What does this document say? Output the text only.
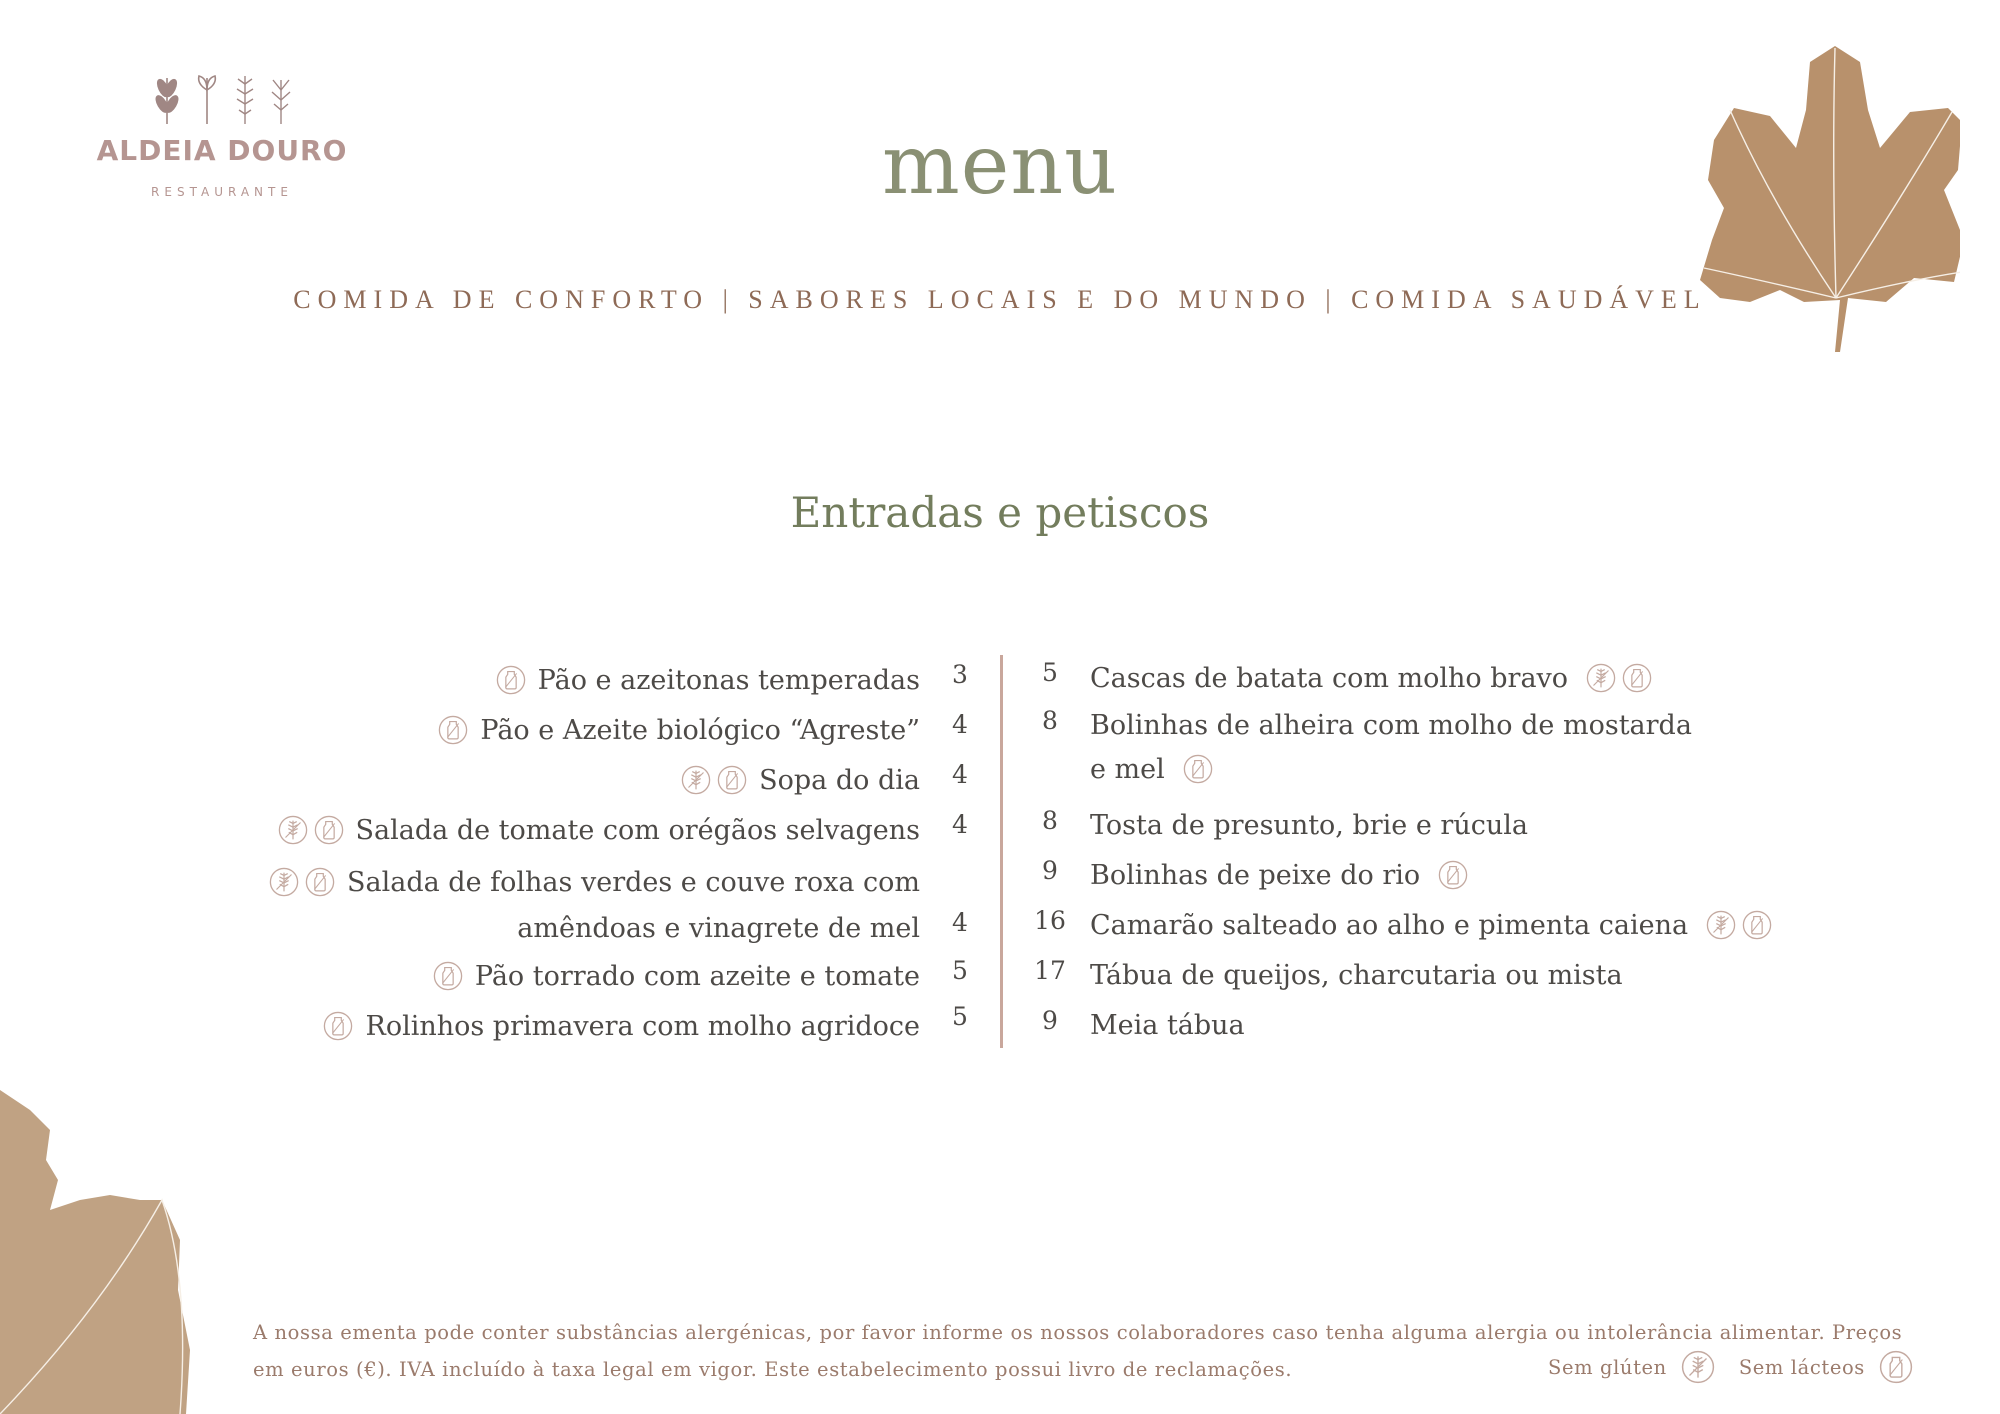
ALDEIA DOURO
RESTAURANTE	menu
COMIDA DE CONFORTO | SABORES LOCAIS E DO MUNDO | COMIDA SAUDÁVEL
Entradas e petiscos
Pão e azeitonas temperadas 3
Pão e Azeite biológico “Agreste” 4
Sopa do dia 4
Salada de tomate com orégãos selvagens 4
Salada de folhas verdes e couve roxa com
amêndoas e vinagrete de mel 4
Pão torrado com azeite e tomate 5
Rolinhos primavera com molho agridoce 5
5	Cascas de batata com molho bravo
8	Bolinhas de alheira com molho de mostarda
e mel
8	Tosta de presunto, brie e rúcula
9	Bolinhas de peixe do rio
16 Camarão salteado ao alho e pimenta caiena
17 Tábua de queijos, charcutaria ou mista
9	Meia tábua
A nossa ementa pode conter substâncias alergénicas, por favor informe os nossos colaboradores caso tenha alguma alergia ou intolerância alimentar. Preços em euros (€). IVA incluído à taxa legal em vigor. Este estabelecimento possui livro de reclamações.	Sem glúten	Sem lácteos
